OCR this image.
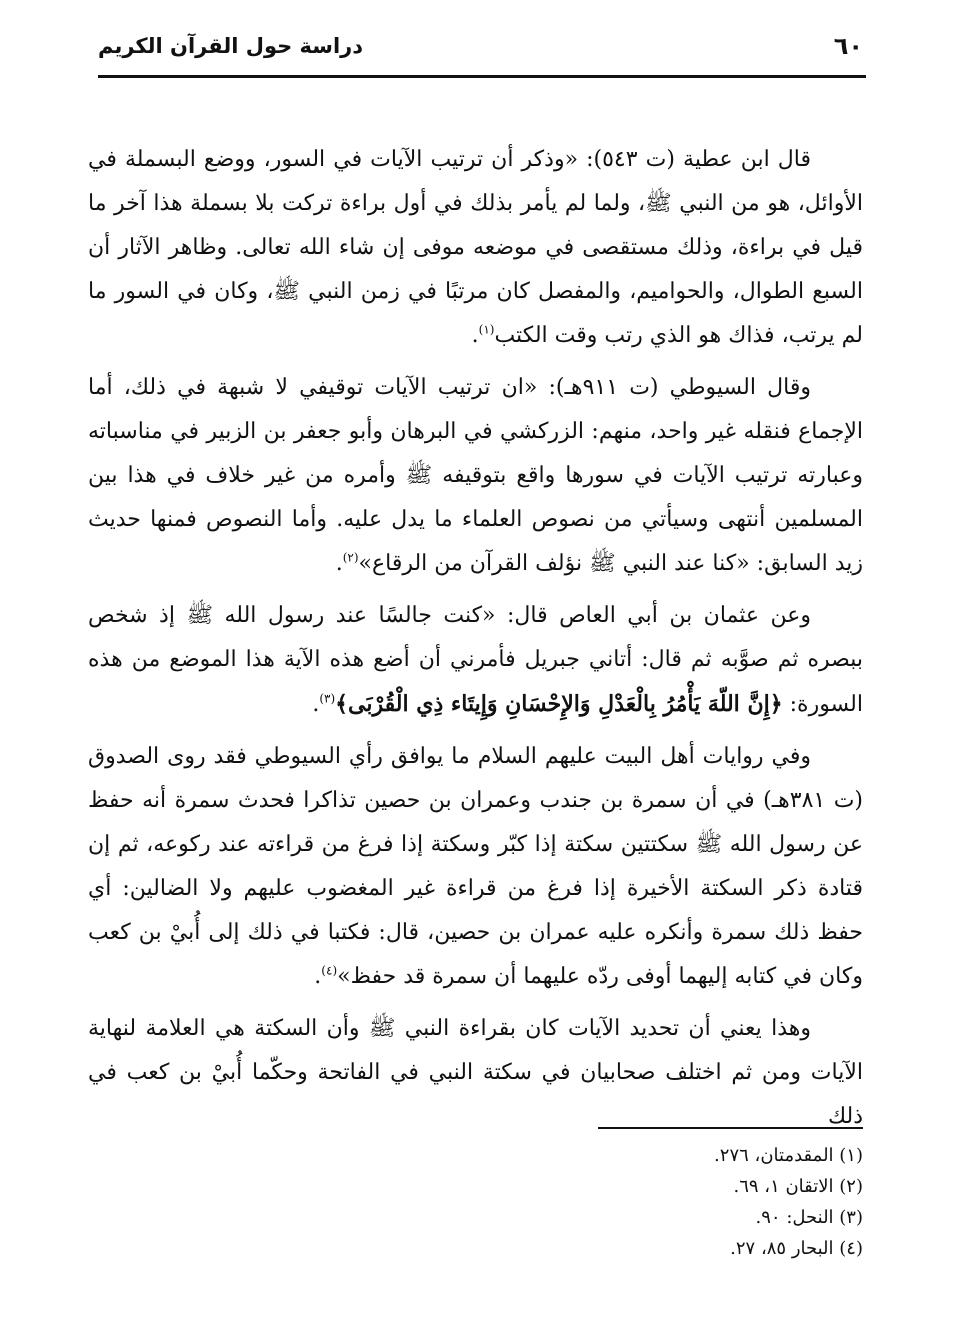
٦٠
دراسة حول القرآن الكريم

قال ابن عطية (ت ٥٤٣): «وذكر أن ترتيب الآيات في السور، ووضع البسملة في الأوائل، هو من النبي ﷺ، ولما لم يأمر بذلك في أول براءة تركت بلا بسملة هذا آخر ما قيل في براءة، وذلك مستقصى في موضعه موفى إن شاء الله تعالى. وظاهر الآثار أن السبع الطوال، والحواميم، والمفصل كان مرتبًا في زمن النبي ﷺ، وكان في السور ما لم يرتب، فذاك هو الذي رتب وقت الكتب$^{(١)}$.

وقال السيوطي (ت ٩١١هـ): «ان ترتيب الآيات توقيفي لا شبهة في ذلك، أما الإجماع فنقله غير واحد، منهم: الزركشي في البرهان وأبو جعفر بن الزبير في مناسباته وعبارته ترتيب الآيات في سورها واقع بتوقيفه ﷺ وأمره من غير خلاف في هذا بين المسلمين أنتهى وسيأتي من نصوص العلماء ما يدل عليه. وأما النصوص فمنها حديث زيد السابق: «كنا عند النبي ﷺ نؤلف القرآن من الرقاع»$^{(٢)}$.

وعن عثمان بن أبي العاص قال: «كنت جالسًا عند رسول الله ﷺ إذ شخص ببصره ثم صوَّبه ثم قال: أتاني جبريل فأمرني أن أضع هذه الآية هذا الموضع من هذه السورة: ﴿إِنَّ اللّهَ يَأْمُرُ بِالْعَدْلِ وَالإِحْسَانِ وَإِيتَاء ذِي الْقُرْبَى﴾$^{(٣)}$.

وفي روايات أهل البيت عليهم السلام ما يوافق رأي السيوطي فقد روى الصدوق (ت ٣٨١هـ) في أن سمرة بن جندب وعمران بن حصين تذاكرا فحدث سمرة أنه حفظ عن رسول الله ﷺ سكتتين سكتة إذا كبّر وسكتة إذا فرغ من قراءته عند ركوعه، ثم إن قتادة ذكر السكتة الأخيرة إذا فرغ من قراءة غير المغضوب عليهم ولا الضالين: أي حفظ ذلك سمرة وأنكره عليه عمران بن حصين، قال: فكتبا في ذلك إلى أُبيْ بن كعب وكان في كتابه إليهما أوفى ردّه عليهما أن سمرة قد حفظ»$^{(٤)}$.

وهذا يعني أن تحديد الآيات كان بقراءة النبي ﷺ وأن السكتة هي العلامة لنهاية الآيات ومن ثم اختلف صحابيان في سكتة النبي في الفاتحة وحكّما أُبيْ بن كعب في ذلك

(١) المقدمتان، ٢٧٦.
(٢) الاتقان ١، ٦٩.
(٣) النحل: ٩٠.
(٤) البحار ٨٥، ٢٧.
